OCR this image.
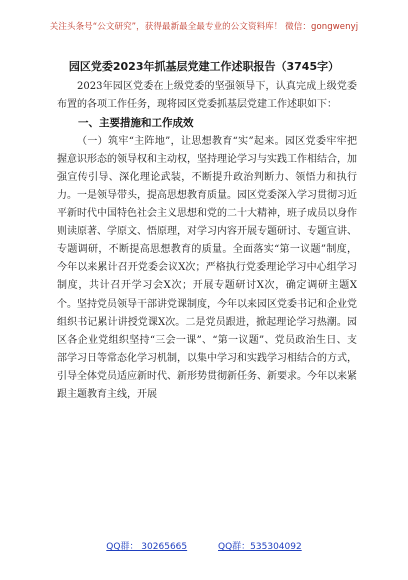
关注头条号“公文研究”，获得最新最全最专业的公文资料库！ 微信：gongwenyj
园区党委2023年抓基层党建工作述职报告（3745字）

2023年园区党委在上级党委的坚强领导下，认真完成上级党委布置的各项工作任务，现将园区党委抓基层党建工作述职如下：

一、主要措施和工作成效

（一）筑牢“主阵地”，让思想教育“实”起来。园区党委牢牢把握意识形态的领导权和主动权，坚持理论学习与实践工作相结合，加强宣传引导、深化理论武装，不断提升政治判断力、领悟力和执行力。一是领导带头，提高思想教育质量。园区党委深入学习贯彻习近平新时代中国特色社会主义思想和党的二十大精神，班子成员以身作则读原著、学原文、悟原理，对学习内容开展专题研讨、专题宣讲、专题调研，不断提高思想教育的质量。全面落实“第一议题”制度，今年以来累计召开党委会议X次；严格执行党委理论学习中心组学习制度，共计召开学习会X次；开展专题研讨X次，确定调研主题X个。坚持党员领导干部讲党课制度，今年以来园区党委书记和企业党组织书记累计讲授党课X次。二是党员跟进，掀起理论学习热潮。园区各企业党组织坚持“三会一课”、“第一议题”、党员政治生日、支部学习日等常态化学习机制，以集中学习和实践学习相结合的方式，引导全体党员适应新时代、新形势贯彻新任务、新要求。今年以来紧跟主题教育主线，开展

QQ群： 30265665	QQ群：535304092
